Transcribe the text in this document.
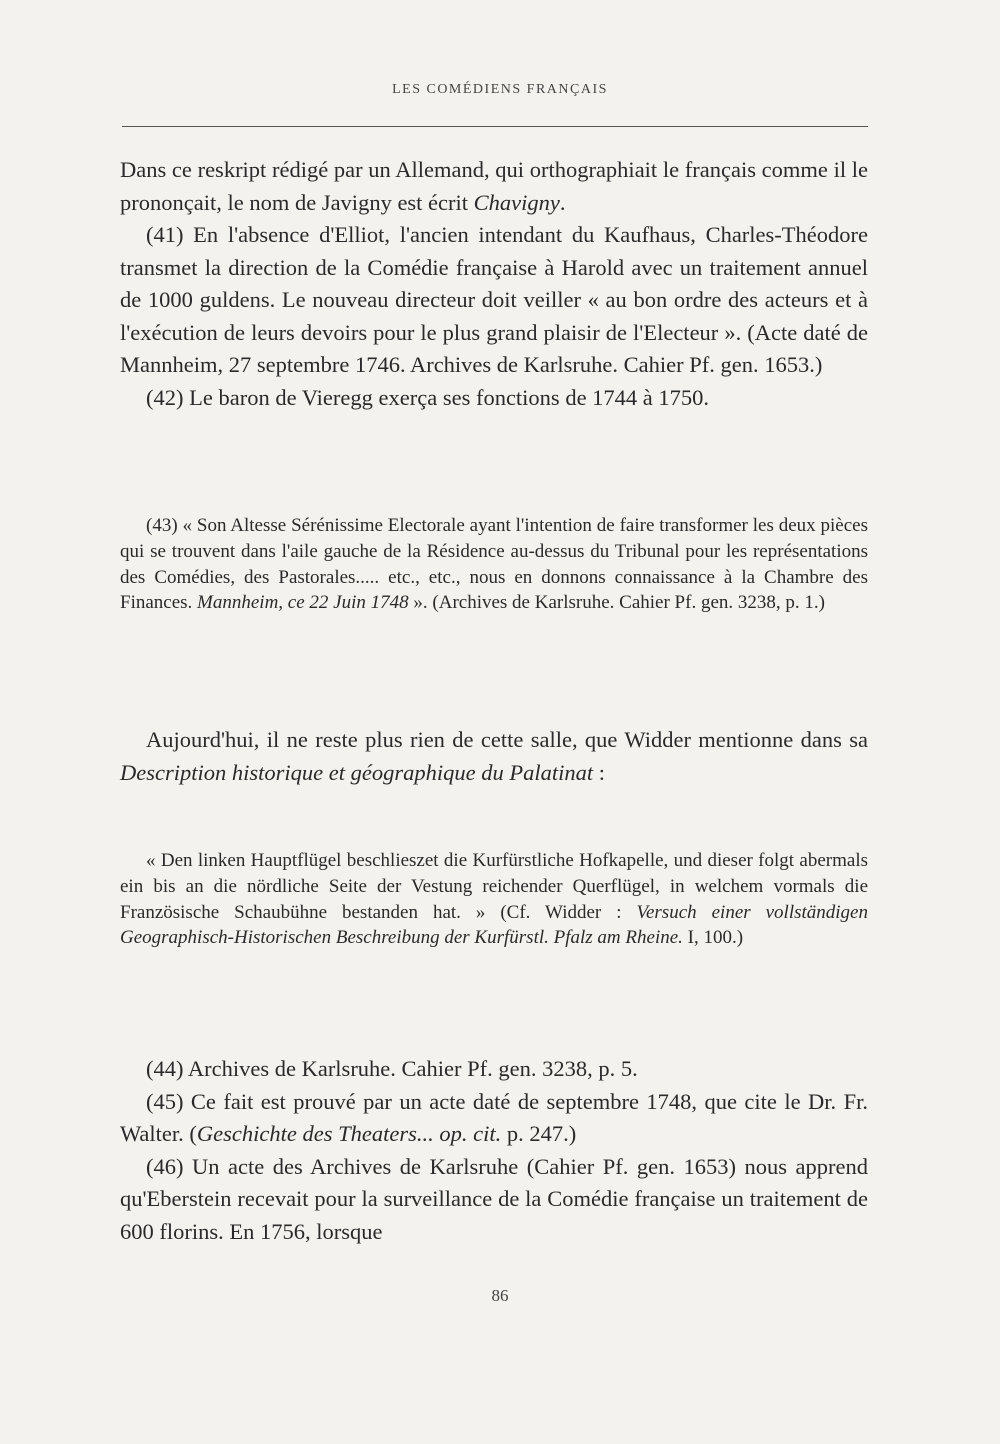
LES COMÉDIENS FRANÇAIS

Dans ce reskript rédigé par un Allemand, qui orthographiait le français comme il le prononçait, le nom de Javigny est écrit Chavigny.

(41) En l'absence d'Elliot, l'ancien intendant du Kaufhaus, Charles-Théodore transmet la direction de la Comédie française à Harold avec un traitement annuel de 1000 guldens. Le nouveau directeur doit veiller « au bon ordre des acteurs et à l'exécution de leurs devoirs pour le plus grand plaisir de l'Electeur ». (Acte daté de Mannheim, 27 septembre 1746. Archives de Karlsruhe. Cahier Pf. gen. 1653.)

(42) Le baron de Vieregg exerça ses fonctions de 1744 à 1750.

(43) « Son Altesse Sérénissime Electorale ayant l'intention de faire transformer les deux pièces qui se trouvent dans l'aile gauche de la Résidence au-dessus du Tribunal pour les représentations des Comédies, des Pastorales..... etc., etc., nous en donnons connaissance à la Chambre des Finances. Mannheim, ce 22 Juin 1748 ». (Archives de Karlsruhe. Cahier Pf. gen. 3238, p. 1.)

Aujourd'hui, il ne reste plus rien de cette salle, que Widder mentionne dans sa Description historique et géographique du Palatinat :

« Den linken Hauptflügel beschlieszet die Kurfürstliche Hofkapelle, und dieser folgt abermals ein bis an die nördliche Seite der Vestung reichender Querflügel, in welchem vormals die Französische Schaubühne bestanden hat. » (Cf. Widder : Versuch einer vollständigen Geographisch-Historischen Beschreibung der Kurfürstl. Pfalz am Rheine. I, 100.)

(44) Archives de Karlsruhe. Cahier Pf. gen. 3238, p. 5.

(45) Ce fait est prouvé par un acte daté de septembre 1748, que cite le Dr. Fr. Walter. (Geschichte des Theaters... op. cit. p. 247.)

(46) Un acte des Archives de Karlsruhe (Cahier Pf. gen. 1653) nous apprend qu'Eberstein recevait pour la surveillance de la Comédie française un traitement de 600 florins. En 1756, lorsque

86
